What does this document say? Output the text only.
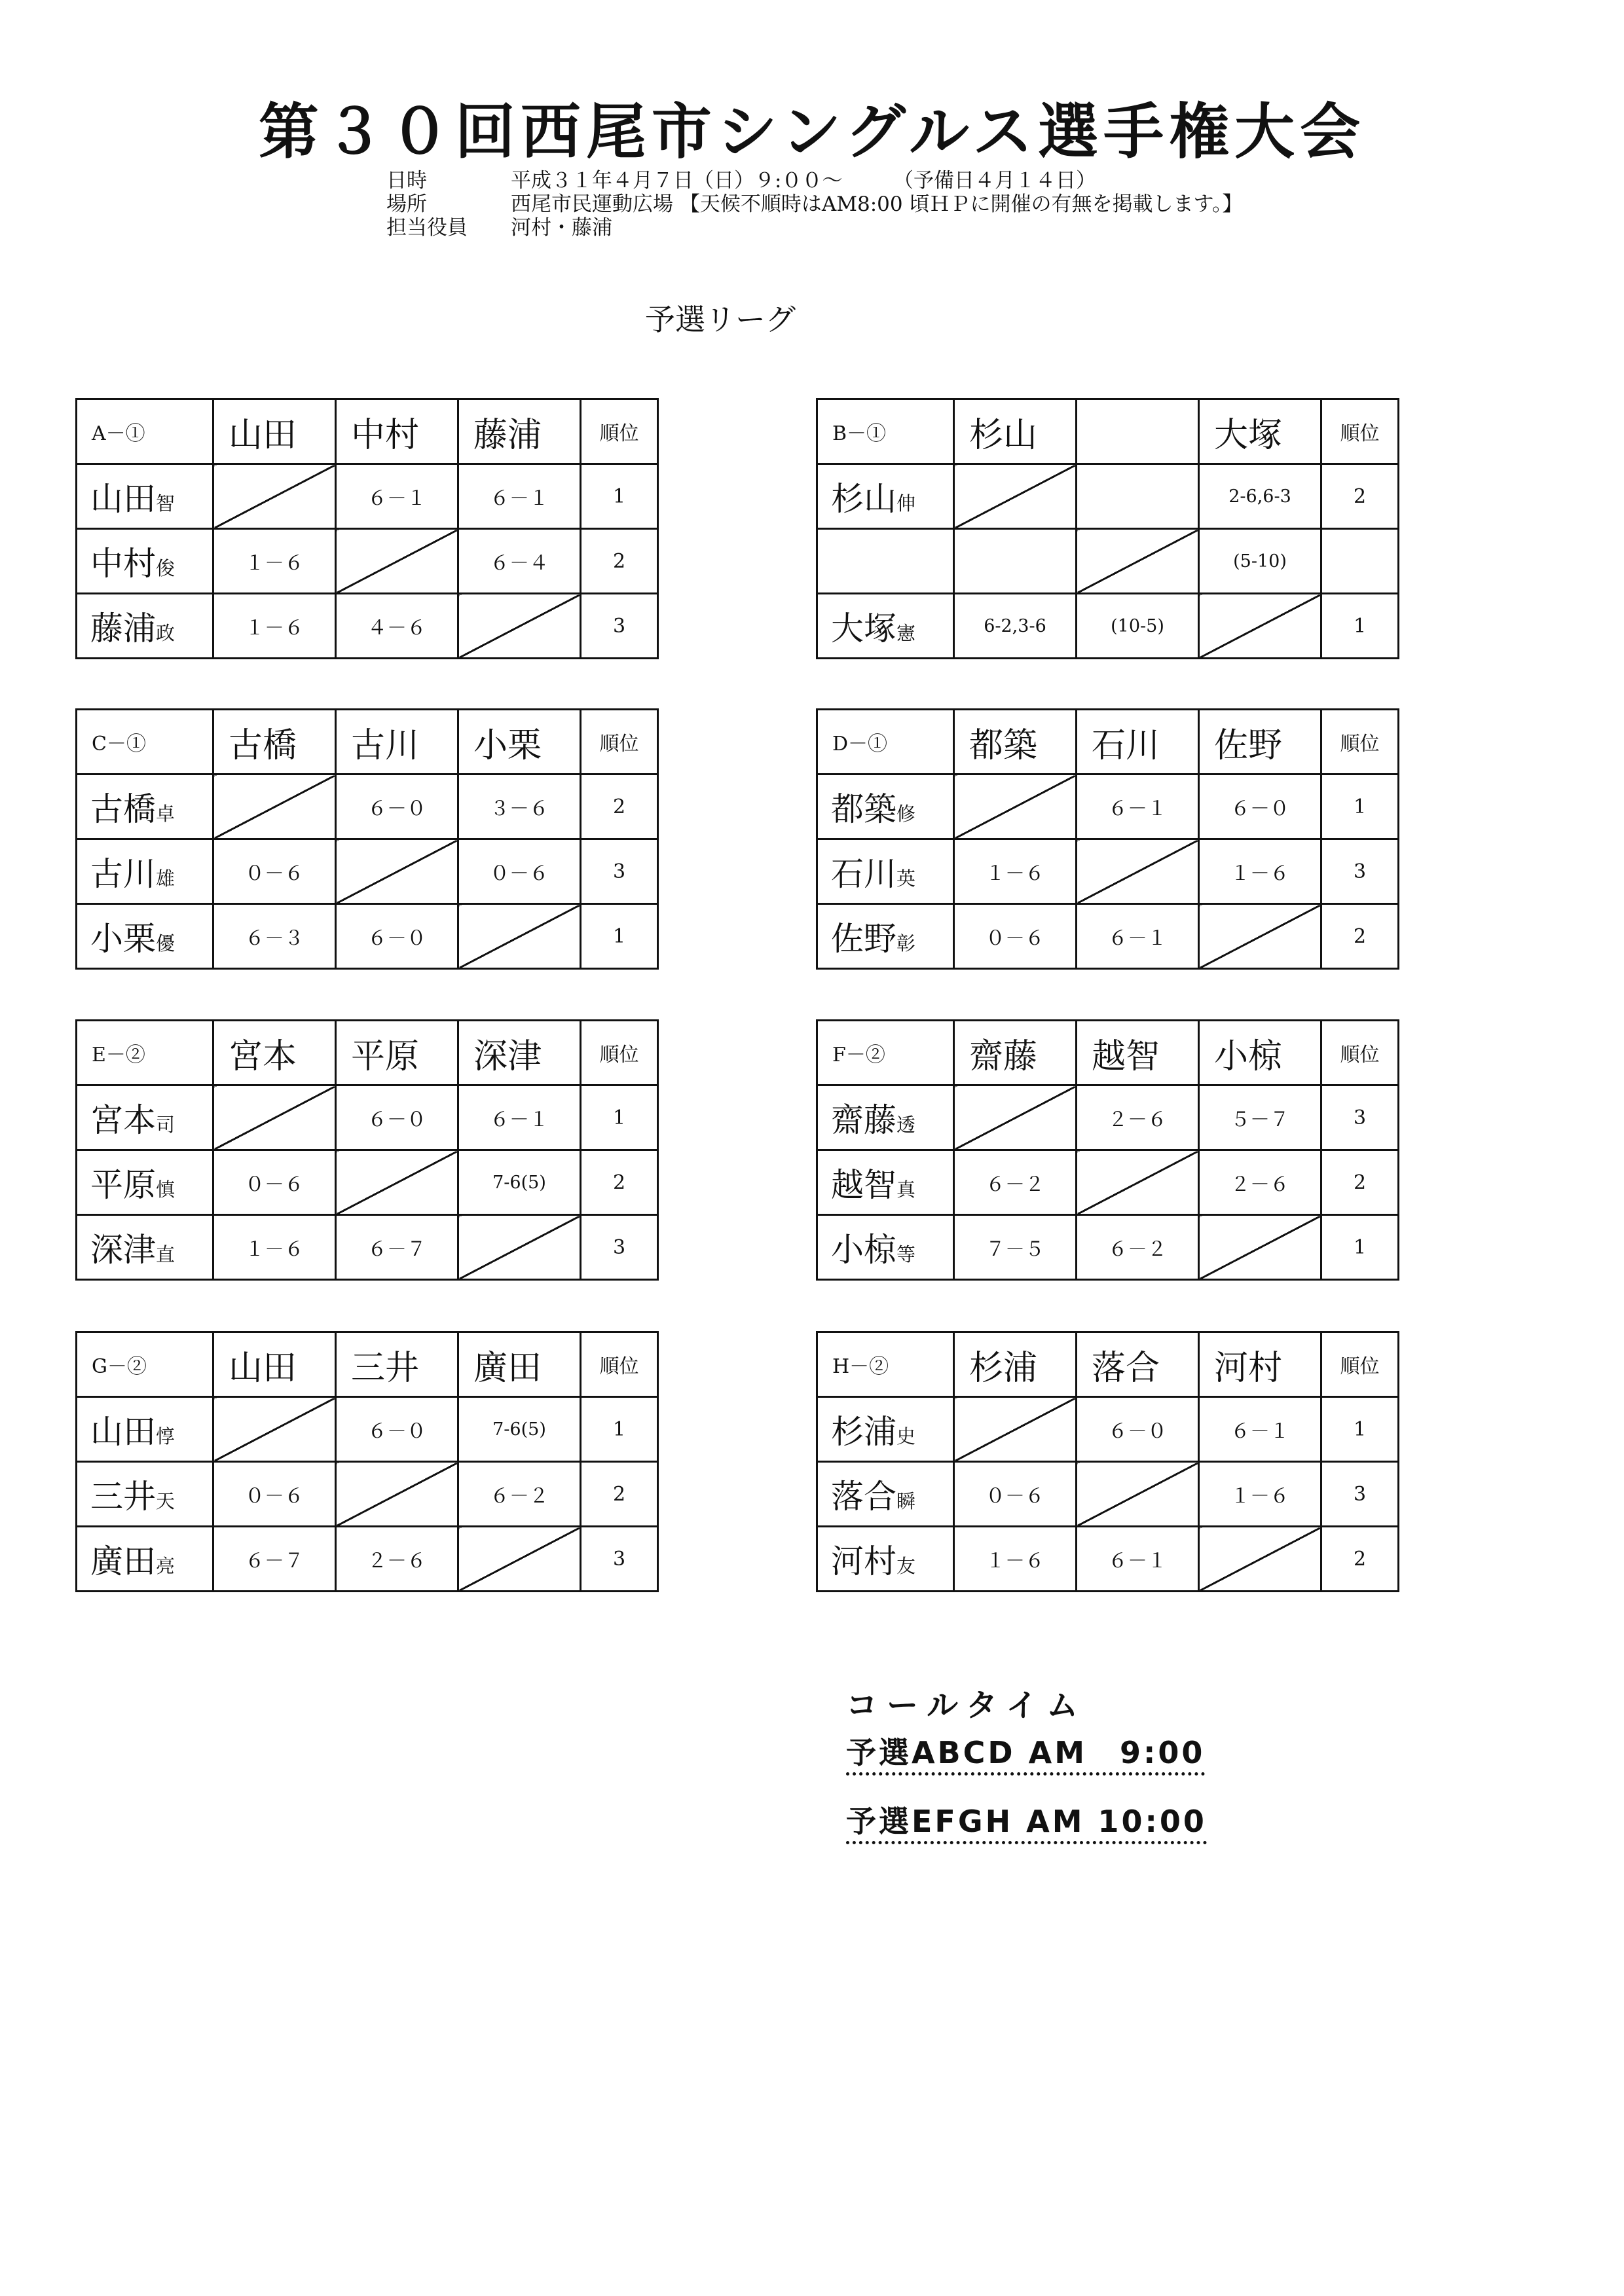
第３０回西尾市シングルス選手権大会
日時	平成３１年４月７日（日）９:００～　　　（予備日４月１４日）
場所	西尾市民運動広場 【天候不順時はAM8:00 頃ＨＰに開催の有無を掲載します。】
担当役員	河村・藤浦
予選リーグ
A－①	山田	中村	藤浦	順位
山田智		６－１	６－１	1
中村俊	１－６		６－４	2
藤浦政	１－６	４－６		3
B－①	杉山		大塚	順位
杉山伸			2-6,6-3	2
			(5-10)	
大塚憲	6-2,3-6	(10-5)		1
C－①	古橋	古川	小栗	順位
古橋卓		６－０	３－６	2
古川雄	０－６		０－６	3
小栗優	６－３	６－０		1
D－①	都築	石川	佐野	順位
都築修		６－１	６－０	1
石川英	１－６		１－６	3
佐野彰	０－６	６－１		2
E－②	宮本	平原	深津	順位
宮本司		６－０	６－１	1
平原慎	０－６		7-6(5)	2
深津直	１－６	６－７		3
F－②	齋藤	越智	小椋	順位
齋藤透		２－６	５－７	3
越智真	６－２		２－６	2
小椋等	７－５	６－２		1
G－②	山田	三井	廣田	順位
山田惇		６－０	7-6(5)	1
三井天	０－６		６－２	2
廣田亮	６－７	２－６		3
H－②	杉浦	落合	河村	順位
杉浦史		６－０	６－１	1
落合瞬	０－６		１－６	3
河村友	１－６	６－１		2
コールタイム
予選ABCD AM　9:00
予選EFGH AM 10:00
